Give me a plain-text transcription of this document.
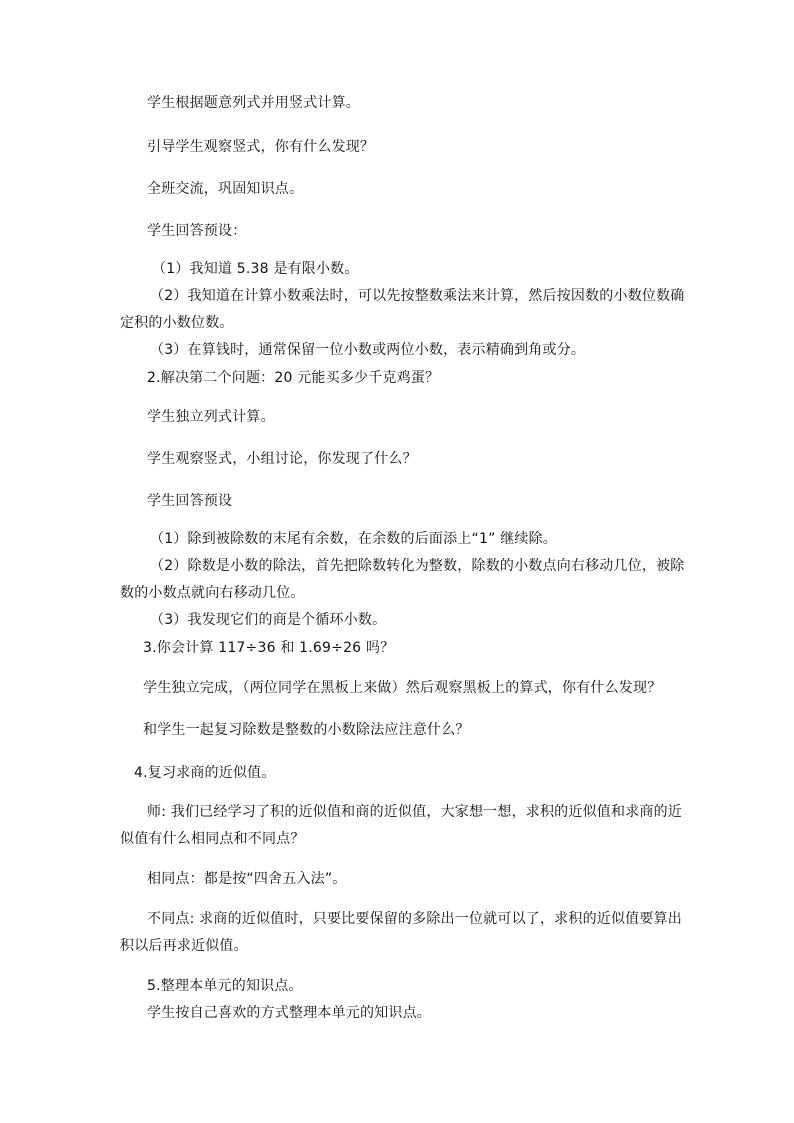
学生根据题意列式并用竖式计算。
引导学生观察竖式，你有什么发现？
全班交流，巩固知识点。
学生回答预设：
（1）我知道 5.38 是有限小数。
（2）我知道在计算小数乘法时，可以先按整数乘法来计算，然后按因数的小数位数确
定积的小数位数。
（3）在算钱时，通常保留一位小数或两位小数，表示精确到角或分。
2.解决第二个问题：20 元能买多少千克鸡蛋？
学生独立列式计算。
学生观察竖式，小组讨论，你发现了什么？
学生回答预设
（1）除到被除数的末尾有余数，在余数的后面添上“1” 继续除。
（2）除数是小数的除法，首先把除数转化为整数，除数的小数点向右移动几位，被除
数的小数点就向右移动几位。
（3）我发现它们的商是个循环小数。
3.你会计算 117÷36 和 1.69÷26 吗？
学生独立完成，（两位同学在黑板上来做）然后观察黑板上的算式，你有什么发现？
和学生一起复习除数是整数的小数除法应注意什么？
4.复习求商的近似值。
师: 我们已经学习了积的近似值和商的近似值，大家想一想，求积的近似值和求商的近
似值有什么相同点和不同点？
相同点：都是按“四舍五入法”。
不同点: 求商的近似值时，只要比要保留的多除出一位就可以了，求积的近似值要算出
积以后再求近似值。
5.整理本单元的知识点。
学生按自己喜欢的方式整理本单元的知识点。
